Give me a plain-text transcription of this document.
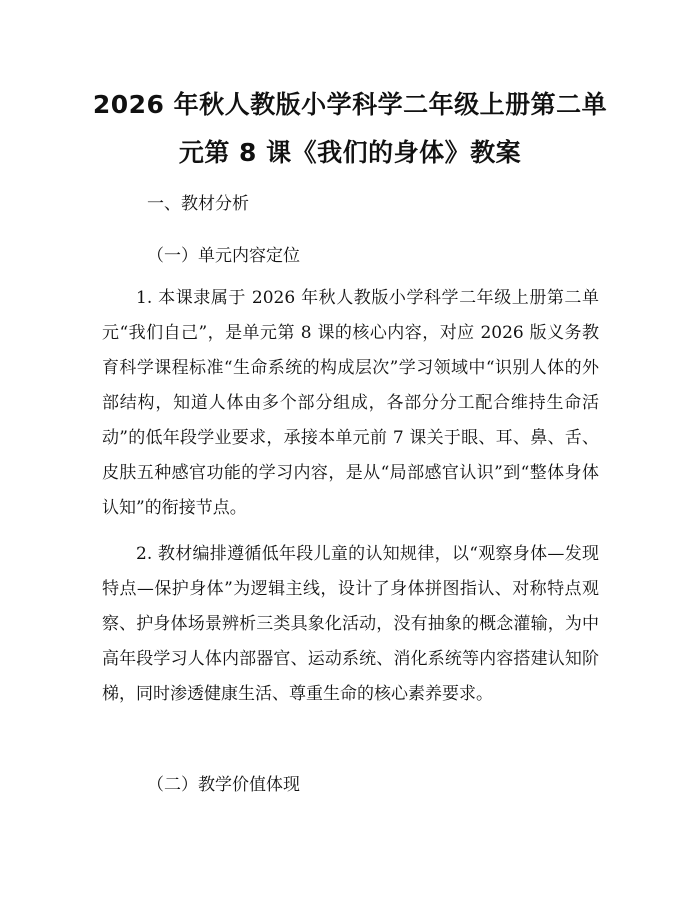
2026 年秋人教版小学科学二年级上册第二单
元第 8 课《我们的身体》教案
一、教材分析
（一）单元内容定位
1. 本课隶属于 2026 年秋人教版小学科学二年级上册第二单元“我们自己”，是单元第 8 课的核心内容，对应 2026 版义务教育科学课程标准“生命系统的构成层次”学习领域中“识别人体的外部结构，知道人体由多个部分组成，各部分分工配合维持生命活动”的低年段学业要求，承接本单元前 7 课关于眼、耳、鼻、舌、皮肤五种感官功能的学习内容，是从“局部感官认识”到“整体身体认知”的衔接节点。
2. 教材编排遵循低年段儿童的认知规律，以“观察身体—发现特点—保护身体”为逻辑主线，设计了身体拼图指认、对称特点观察、护身体场景辨析三类具象化活动，没有抽象的概念灌输，为中高年段学习人体内部器官、运动系统、消化系统等内容搭建认知阶梯，同时渗透健康生活、尊重生命的核心素养要求。
（二）教学价值体现
